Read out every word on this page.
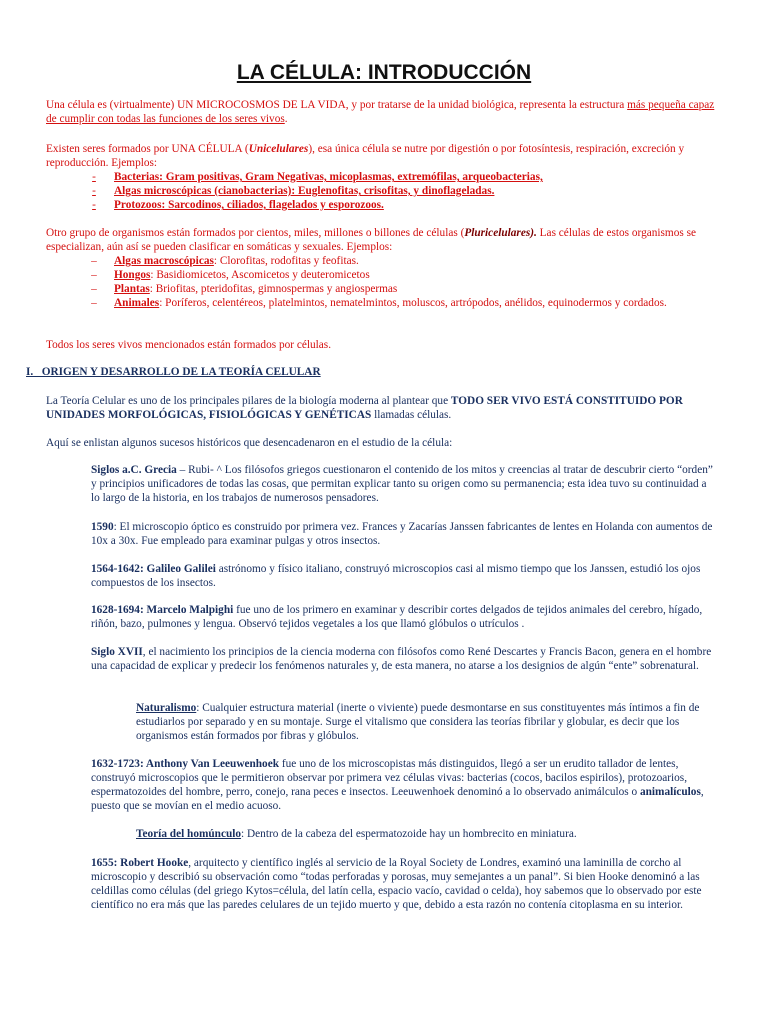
LA CÉLULA: INTRODUCCIÓN

Una célula es (virtualmente) UN MICROCOSMOS DE LA VIDA, y por tratarse de la unidad biológica, representa la estructura más pequeña capaz de cumplir con todas las funciones de los seres vivos.

Existen seres formados por UNA CÉLULA (Unicelulares), esa única célula se nutre por digestión o por fotosíntesis, respiración, excreción y reproducción. Ejemplos:

-	Bacterias: Gram positivas, Gram Negativas, micoplasmas, extremófilas, arqueobacterias,
-	Algas microscópicas (cianobacterias): Euglenofitas, crisofitas, y dinoflageladas.
-	Protozoos: Sarcodinos, ciliados, flagelados y esporozoos.

Otro grupo de organismos están formados por cientos, miles, millones o billones de células (Pluricelulares). Las células de estos organismos se especializan, aún así se pueden clasificar en somáticas y sexuales. Ejemplos:

–	Algas macroscópicas: Clorofitas, rodofitas y feofitas.
–	Hongos: Basidiomicetos, Ascomicetos y deuteromicetos
–	Plantas: Briofitas, pteridofitas, gimnospermas y angiospermas
–	Animales: Poríferos, celentéreos, platelmintos, nematelmintos, moluscos, artrópodos, anélidos, equinodermos y cordados.

Todos los seres vivos mencionados están formados por células.

I.   ORIGEN Y DESARROLLO DE LA TEORÍA CELULAR

La Teoría Celular es uno de los principales pilares de la biología moderna al plantear que TODO SER VIVO ESTÁ CONSTITUIDO POR UNIDADES MORFOLÓGICAS, FISIOLÓGICAS Y GENÉTICAS llamadas células.

Aquí se enlistan algunos sucesos históricos que desencadenaron en el estudio de la célula:

Siglos a.C. Grecia – Rubi- ^ Los filósofos griegos cuestionaron el contenido de los mitos y creencias al tratar de descubrir cierto “orden” y principios unificadores de todas las cosas, que permitan explicar tanto su origen como su permanencia; esta idea tuvo su continuidad a lo largo de la historia, en los trabajos de numerosos pensadores.

1590: El microscopio óptico es construido por primera vez. Frances y Zacarías Janssen fabricantes de lentes en Holanda con aumentos de 10x a 30x. Fue empleado para examinar pulgas y otros insectos.

1564-1642: Galileo Galilei astrónomo y físico italiano, construyó microscopios casi al mismo tiempo que los Janssen, estudió los ojos compuestos de los insectos.

1628-1694: Marcelo Malpighi fue uno de los primero en examinar y describir cortes delgados de tejidos animales del cerebro, hígado, riñón, bazo, pulmones y lengua. Observó tejidos vegetales a los que llamó glóbulos o utrículos .

Siglo XVII, el nacimiento los principios de la ciencia moderna con filósofos como René Descartes y Francis Bacon, genera en el hombre una capacidad de explicar y predecir los fenómenos naturales y, de esta manera, no atarse a los designios de algún “ente” sobrenatural.

Naturalismo: Cualquier estructura material (inerte o viviente) puede desmontarse en sus constituyentes más íntimos a fin de estudiarlos por separado y en su montaje. Surge el vitalismo que considera las teorías fibrilar y globular, es decir que los organismos están formados por fibras y glóbulos.

1632-1723: Anthony Van Leeuwenhoek fue uno de los microscopistas más distinguidos, llegó a ser un erudito tallador de lentes, construyó microscopios que le permitieron observar por primera vez células vivas: bacterias (cocos, bacilos espirilos), protozoarios, espermatozoides del hombre, perro, conejo, rana peces e insectos. Leeuwenhoek denominó a lo observado animálculos o animalículos, puesto que se movían en el medio acuoso.

Teoría del homúnculo: Dentro de la cabeza del espermatozoide hay un hombrecito en miniatura.

1655: Robert Hooke, arquitecto y científico inglés al servicio de la Royal Society de Londres, examinó una laminilla de corcho al microscopio y describió su observación como “todas perforadas y porosas, muy semejantes a un panal”. Si bien Hooke denominó a las celdillas como células (del griego Kytos=célula, del latín cella, espacio vacío, cavidad o celda), hoy sabemos que lo observado por este científico no era más que las paredes celulares de un tejido muerto y que, debido a esta razón no contenía citoplasma en su interior.
